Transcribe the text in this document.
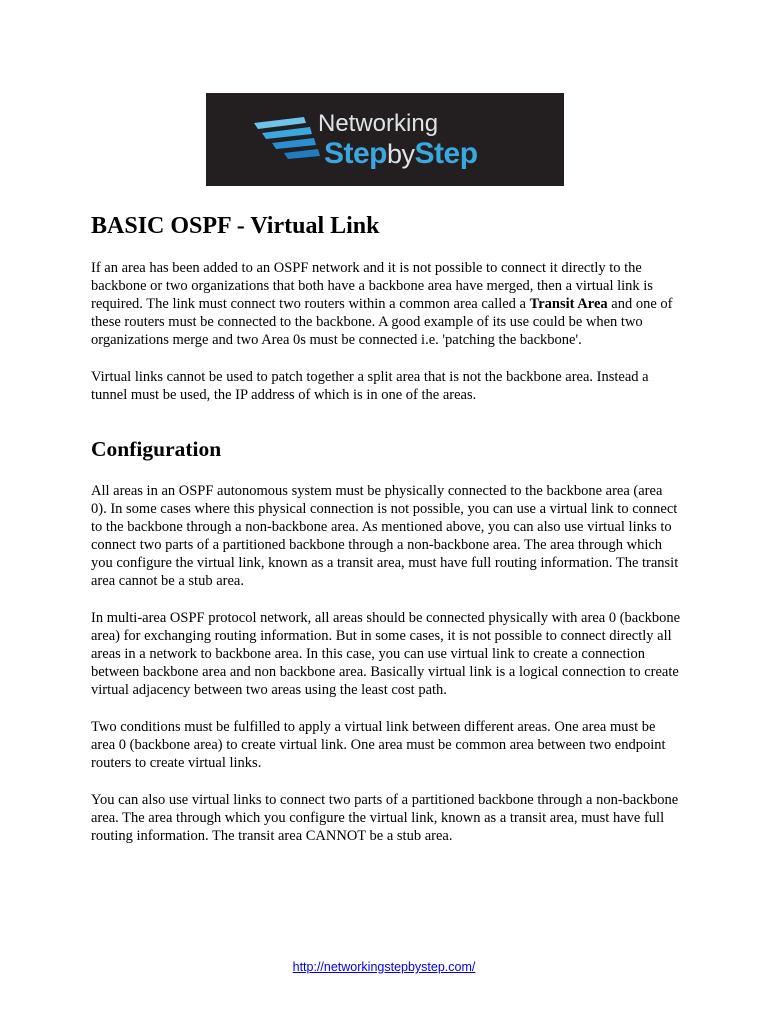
Networking
StepbyStep
BASIC OSPF - Virtual Link

If an area has been added to an OSPF network and it is not possible to connect it directly to the backbone or two organizations that both have a backbone area have merged, then a virtual link is required. The link must connect two routers within a common area called a Transit Area and one of these routers must be connected to the backbone. A good example of its use could be when two organizations merge and two Area 0s must be connected i.e. 'patching the backbone'.

Virtual links cannot be used to patch together a split area that is not the backbone area. Instead a tunnel must be used, the IP address of which is in one of the areas.

Configuration

All areas in an OSPF autonomous system must be physically connected to the backbone area (area 0). In some cases where this physical connection is not possible, you can use a virtual link to connect to the backbone through a non-backbone area. As mentioned above, you can also use virtual links to connect two parts of a partitioned backbone through a non-backbone area. The area through which you configure the virtual link, known as a transit area, must have full routing information. The transit area cannot be a stub area.

In multi-area OSPF protocol network, all areas should be connected physically with area 0 (backbone area) for exchanging routing information. But in some cases, it is not possible to connect directly all areas in a network to backbone area. In this case, you can use virtual link to create a connection between backbone area and non backbone area. Basically virtual link is a logical connection to create virtual adjacency between two areas using the least cost path.

Two conditions must be fulfilled to apply a virtual link between different areas. One area must be area 0 (backbone area) to create virtual link. One area must be common area between two endpoint routers to create virtual links.

You can also use virtual links to connect two parts of a partitioned backbone through a non-backbone area. The area through which you configure the virtual link, known as a transit area, must have full routing information. The transit area CANNOT be a stub area.

http://networkingstepbystep.com/
